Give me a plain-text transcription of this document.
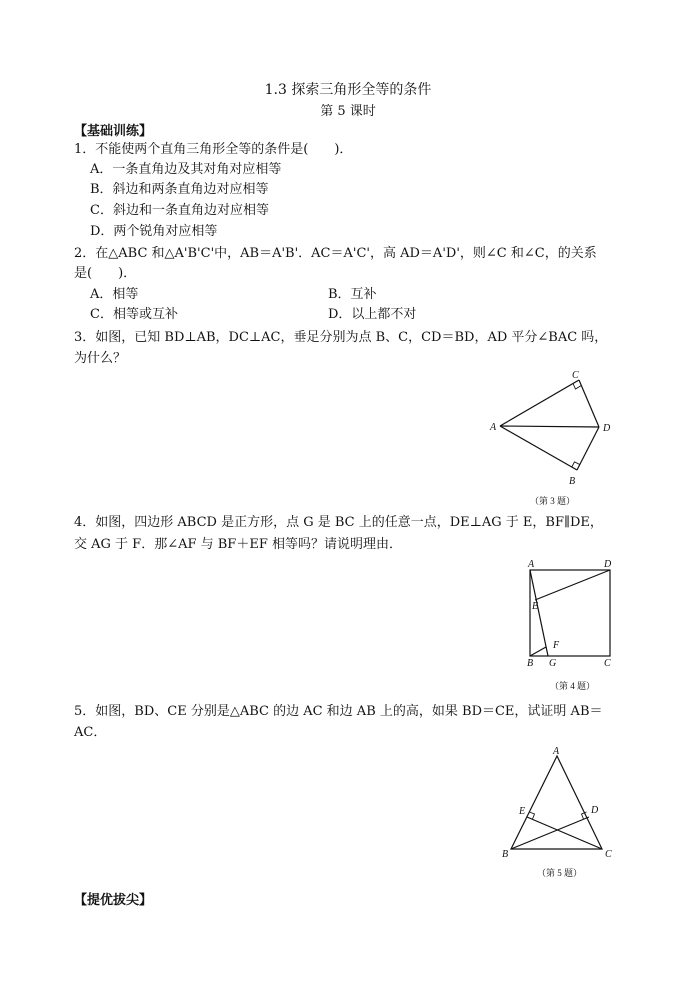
1.3 探索三角形全等的条件
第 5 课时
【基础训练】
1．不能使两个直角三角形全等的条件是(　　)．
A．一条直角边及其对角对应相等
B．斜边和两条直角边对应相等
C．斜边和一条直角边对应相等
D．两个锐角对应相等
2．在△ABC 和△A'B'C'中，AB＝A'B'．AC＝A'C'，高 AD＝A'D'，则∠C 和∠C，的关系
是(　　)．
A．相等	B．互补
C．相等或互补	D．以上都不对
3．如图，已知 BD⊥AB，DC⊥AC，垂足分别为点 B、C，CD＝BD，AD 平分∠BAC 吗，
为什么？
A
C
D
B
（第 3 题）
4．如图，四边形 ABCD 是正方形，点 G 是 BC 上的任意一点，DE⊥AG 于 E，BF∥DE，
交 AG 于 F．那∠AF 与 BF＋EF 相等吗？请说明理由．
A	D
E
F
B G	C
（第 4 题）
5．如图，BD、CE 分别是△ABC 的边 AC 和边 AB 上的高，如果 BD＝CE，试证明 AB＝
AC．
A
E	D
B	C
（第 5 题）
【提优拔尖】
